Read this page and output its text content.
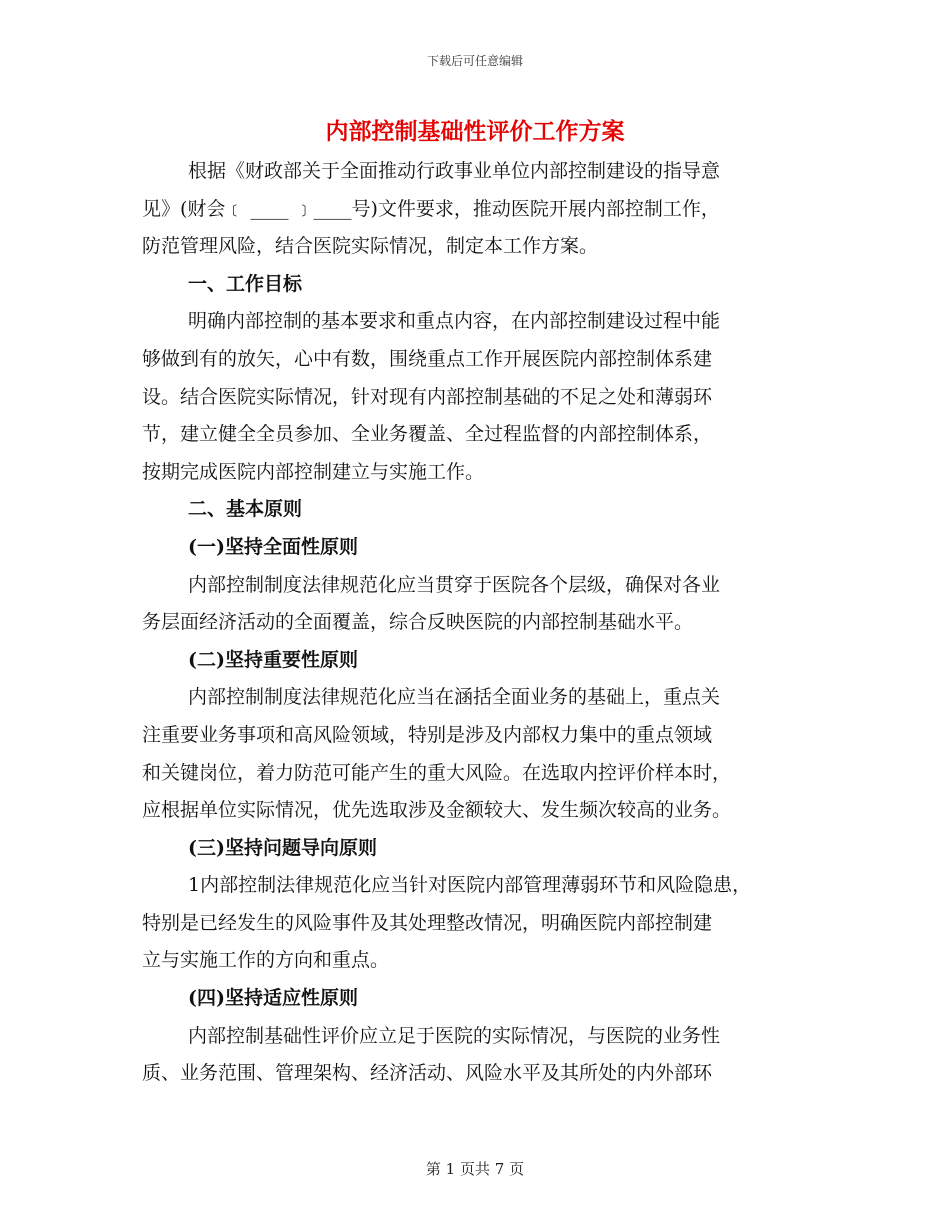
下载后可任意编辑
内部控制基础性评价工作方案

根据《财政部关于全面推动行政事业单位内部控制建设的指导意

见》(财会﹝ ____ ﹞____号)文件要求，推动医院开展内部控制工作，

防范管理风险，结合医院实际情况，制定本工作方案。

一、工作目标

明确内部控制的基本要求和重点内容，在内部控制建设过程中能

够做到有的放矢，心中有数，围绕重点工作开展医院内部控制体系建

设。结合医院实际情况，针对现有内部控制基础的不足之处和薄弱环

节，建立健全全员参加、全业务覆盖、全过程监督的内部控制体系，

按期完成医院内部控制建立与实施工作。

二、基本原则

(一)坚持全面性原则

内部控制制度法律规范化应当贯穿于医院各个层级，确保对各业

务层面经济活动的全面覆盖，综合反映医院的内部控制基础水平。

(二)坚持重要性原则

内部控制制度法律规范化应当在涵括全面业务的基础上，重点关

注重要业务事项和高风险领域，特别是涉及内部权力集中的重点领域

和关键岗位，着力防范可能产生的重大风险。在选取内控评价样本时，

应根据单位实际情况，优先选取涉及金额较大、发生频次较高的业务。

(三)坚持问题导向原则

1内部控制法律规范化应当针对医院内部管理薄弱环节和风险隐患，

特别是已经发生的风险事件及其处理整改情况，明确医院内部控制建

立与实施工作的方向和重点。

(四)坚持适应性原则

内部控制基础性评价应立足于医院的实际情况，与医院的业务性

质、业务范围、管理架构、经济活动、风险水平及其所处的内外部环

第 1 页共 7 页
